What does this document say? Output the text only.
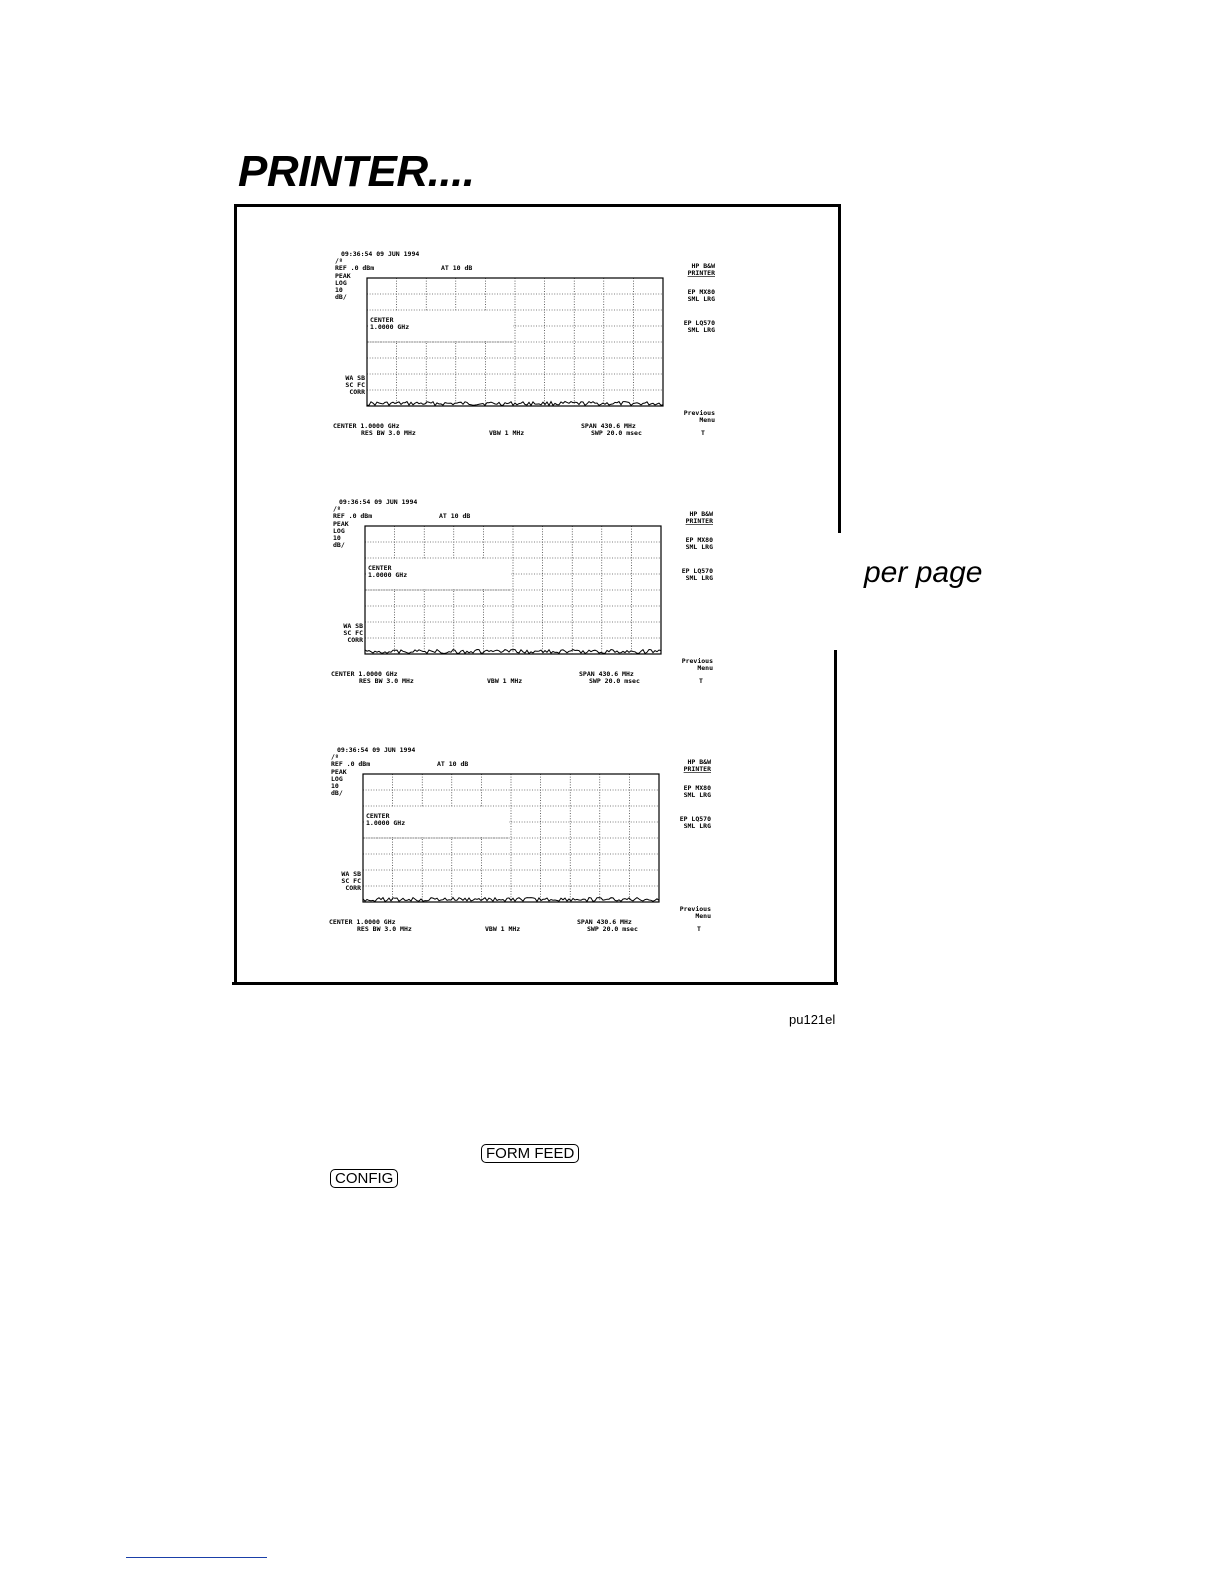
PRINTER....
09:36:54 09 JUN 1994
∕º
REF .0 dBm	AT 10 dB
PEAK
LOG
10
dB/
WA SB
SC FC
CORR
CENTER
1.0000 GHz
HP B&W
PRINTER
EP MX80
SML LRG
EP LQ570
SML LRG
Previous
Menu
CENTER 1.0000 GHz	SPAN 430.6 MHz
RES BW 3.0 MHz	VBW 1 MHz	SWP 20.0 msec	T
09:36:54 09 JUN 1994
∕º
REF .0 dBm	AT 10 dB
PEAK
LOG
10
dB/
WA SB
SC FC
CORR
CENTER
1.0000 GHz
HP B&W
PRINTER
EP MX80
SML LRG
EP LQ570
SML LRG
Previous
Menu
CENTER 1.0000 GHz	SPAN 430.6 MHz
RES BW 3.0 MHz	VBW 1 MHz	SWP 20.0 msec	T
09:36:54 09 JUN 1994
∕º
REF .0 dBm	AT 10 dB
PEAK
LOG
10
dB/
WA SB
SC FC
CORR
CENTER
1.0000 GHz
HP B&W
PRINTER
EP MX80
SML LRG
EP LQ570
SML LRG
Previous
Menu
CENTER 1.0000 GHz	SPAN 430.6 MHz
RES BW 3.0 MHz	VBW 1 MHz	SWP 20.0 msec	T

per page

pu121el
FORM FEED
CONFIG
